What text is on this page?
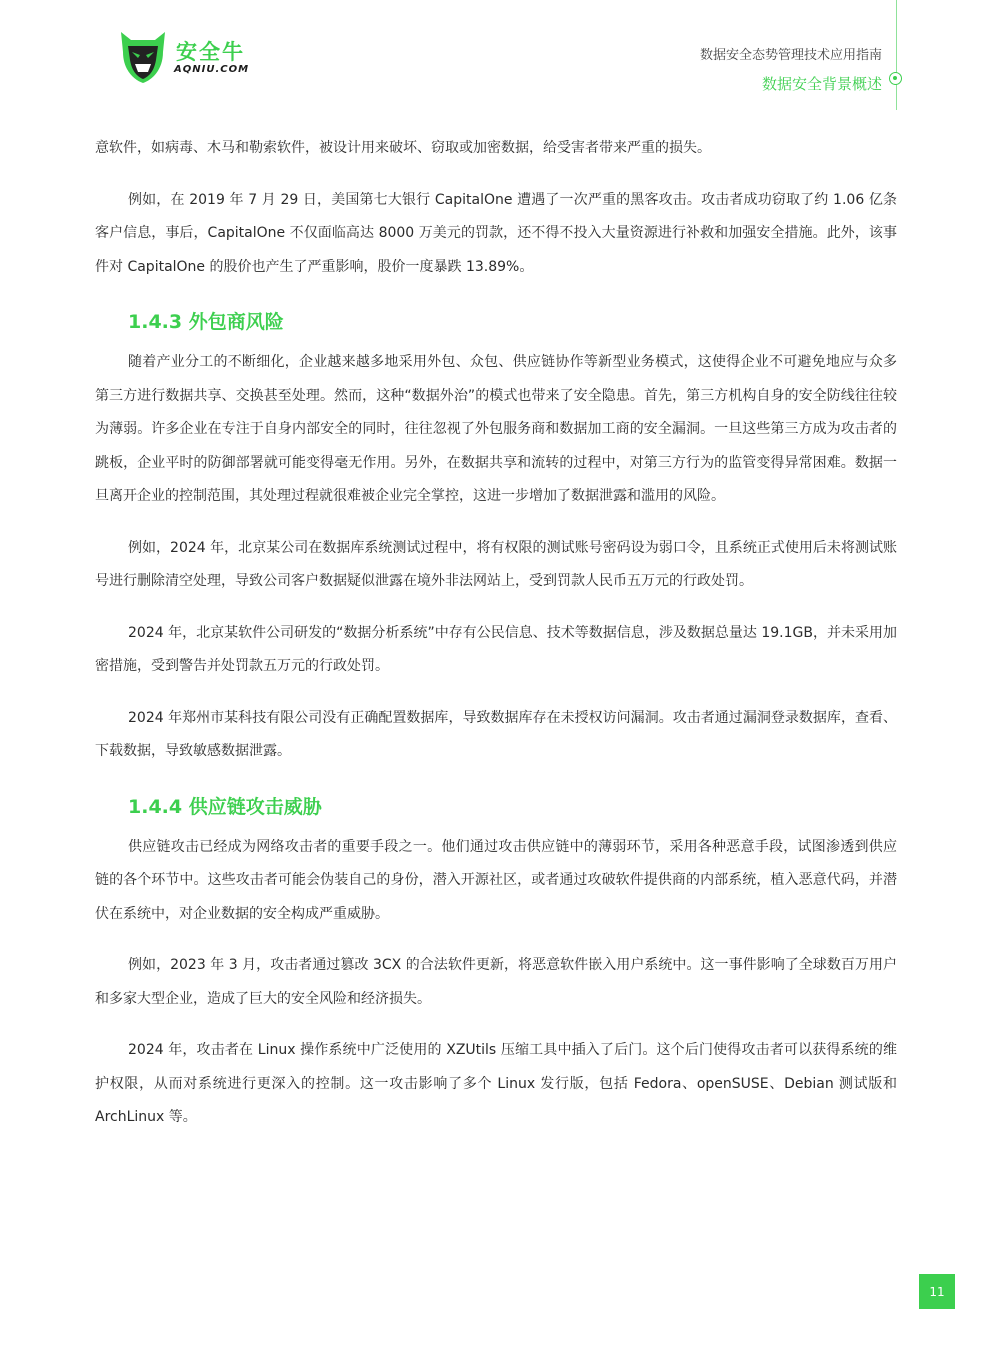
安全牛
AQNIU.COM
数据安全态势管理技术应用指南
数据安全背景概述

意软件，如病毒、木马和勒索软件，被设计用来破坏、窃取或加密数据，给受害者带来严重的损失。

例如，在 2019 年 7 月 29 日，美国第七大银行 CapitalOne 遭遇了一次严重的黑客攻击。攻击者成功窃取了约 1.06 亿条客户信息，事后，CapitalOne 不仅面临高达 8000 万美元的罚款，还不得不投入大量资源进行补救和加强安全措施。此外，该事件对 CapitalOne 的股价也产生了严重影响，股价一度暴跌 13.89%。

1.4.3 外包商风险

随着产业分工的不断细化，企业越来越多地采用外包、众包、供应链协作等新型业务模式，这使得企业不可避免地应与众多第三方进行数据共享、交换甚至处理。然而，这种“数据外治”的模式也带来了安全隐患。首先，第三方机构自身的安全防线往往较为薄弱。许多企业在专注于自身内部安全的同时，往往忽视了外包服务商和数据加工商的安全漏洞。一旦这些第三方成为攻击者的跳板，企业平时的防御部署就可能变得毫无作用。另外，在数据共享和流转的过程中，对第三方行为的监管变得异常困难。数据一旦离开企业的控制范围，其处理过程就很难被企业完全掌控，这进一步增加了数据泄露和滥用的风险。

例如，2024 年，北京某公司在数据库系统测试过程中，将有权限的测试账号密码设为弱口令，且系统正式使用后未将测试账号进行删除清空处理，导致公司客户数据疑似泄露在境外非法网站上，受到罚款人民币五万元的行政处罚。

2024 年，北京某软件公司研发的“数据分析系统”中存有公民信息、技术等数据信息，涉及数据总量达 19.1GB，并未采用加密措施，受到警告并处罚款五万元的行政处罚。

2024 年郑州市某科技有限公司没有正确配置数据库，导致数据库存在未授权访问漏洞。攻击者通过漏洞登录数据库，查看、下载数据，导致敏感数据泄露。

1.4.4 供应链攻击威胁

供应链攻击已经成为网络攻击者的重要手段之一。他们通过攻击供应链中的薄弱环节，采用各种恶意手段，试图渗透到供应链的各个环节中。这些攻击者可能会伪装自己的身份，潜入开源社区，或者通过攻破软件提供商的内部系统，植入恶意代码，并潜伏在系统中，对企业数据的安全构成严重威胁。

例如，2023 年 3 月，攻击者通过篡改 3CX 的合法软件更新，将恶意软件嵌入用户系统中。这一事件影响了全球数百万用户和多家大型企业，造成了巨大的安全风险和经济损失。

2024 年，攻击者在 Linux 操作系统中广泛使用的 XZUtils 压缩工具中插入了后门。这个后门使得攻击者可以获得系统的维护权限，从而对系统进行更深入的控制。这一攻击影响了多个 Linux 发行版，包括 Fedora、openSUSE、Debian 测试版和 ArchLinux 等。

11
